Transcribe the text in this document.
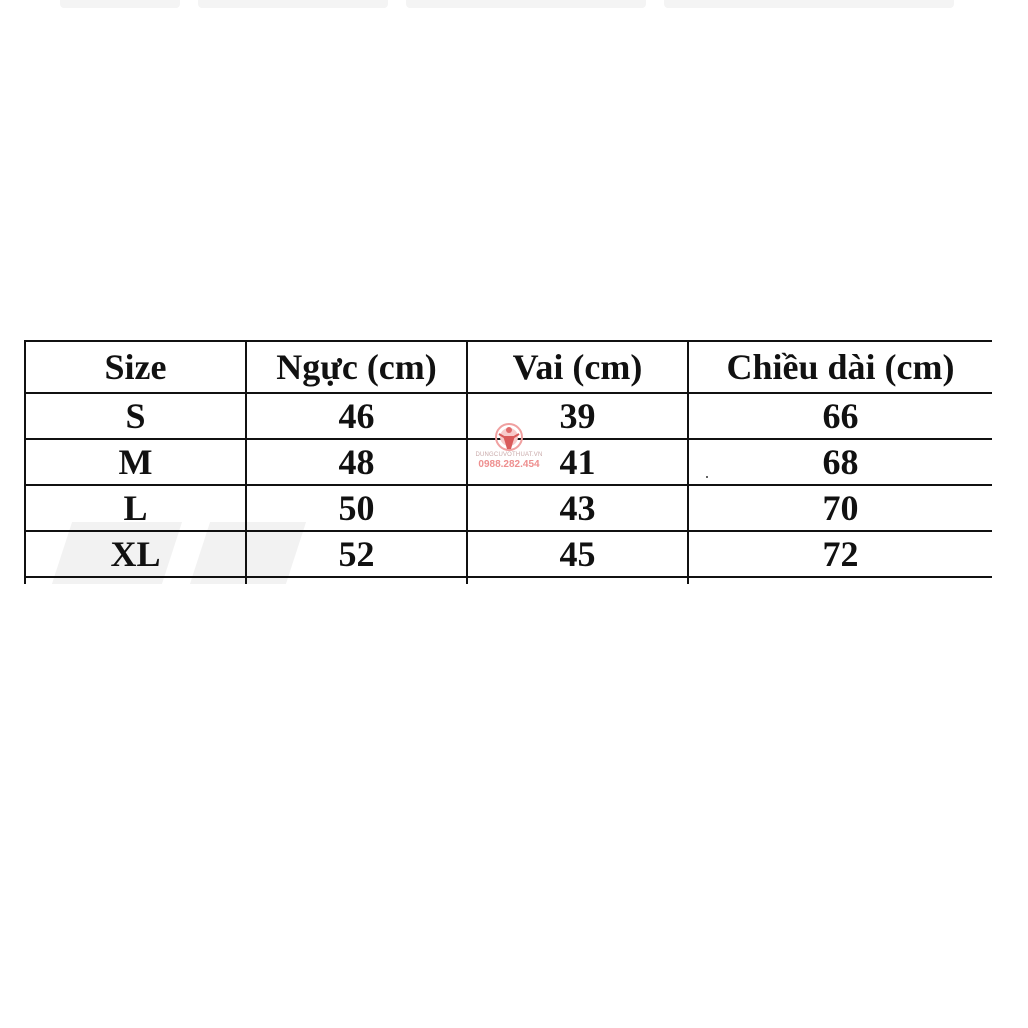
Size	Ngực (cm)	Vai (cm)	Chiều dài (cm)
S	46	39	66
M	48	41	68
L	50	43	70
XL	52	45	72

DUNGCUVOTHUAT.VN
0988.282.454
